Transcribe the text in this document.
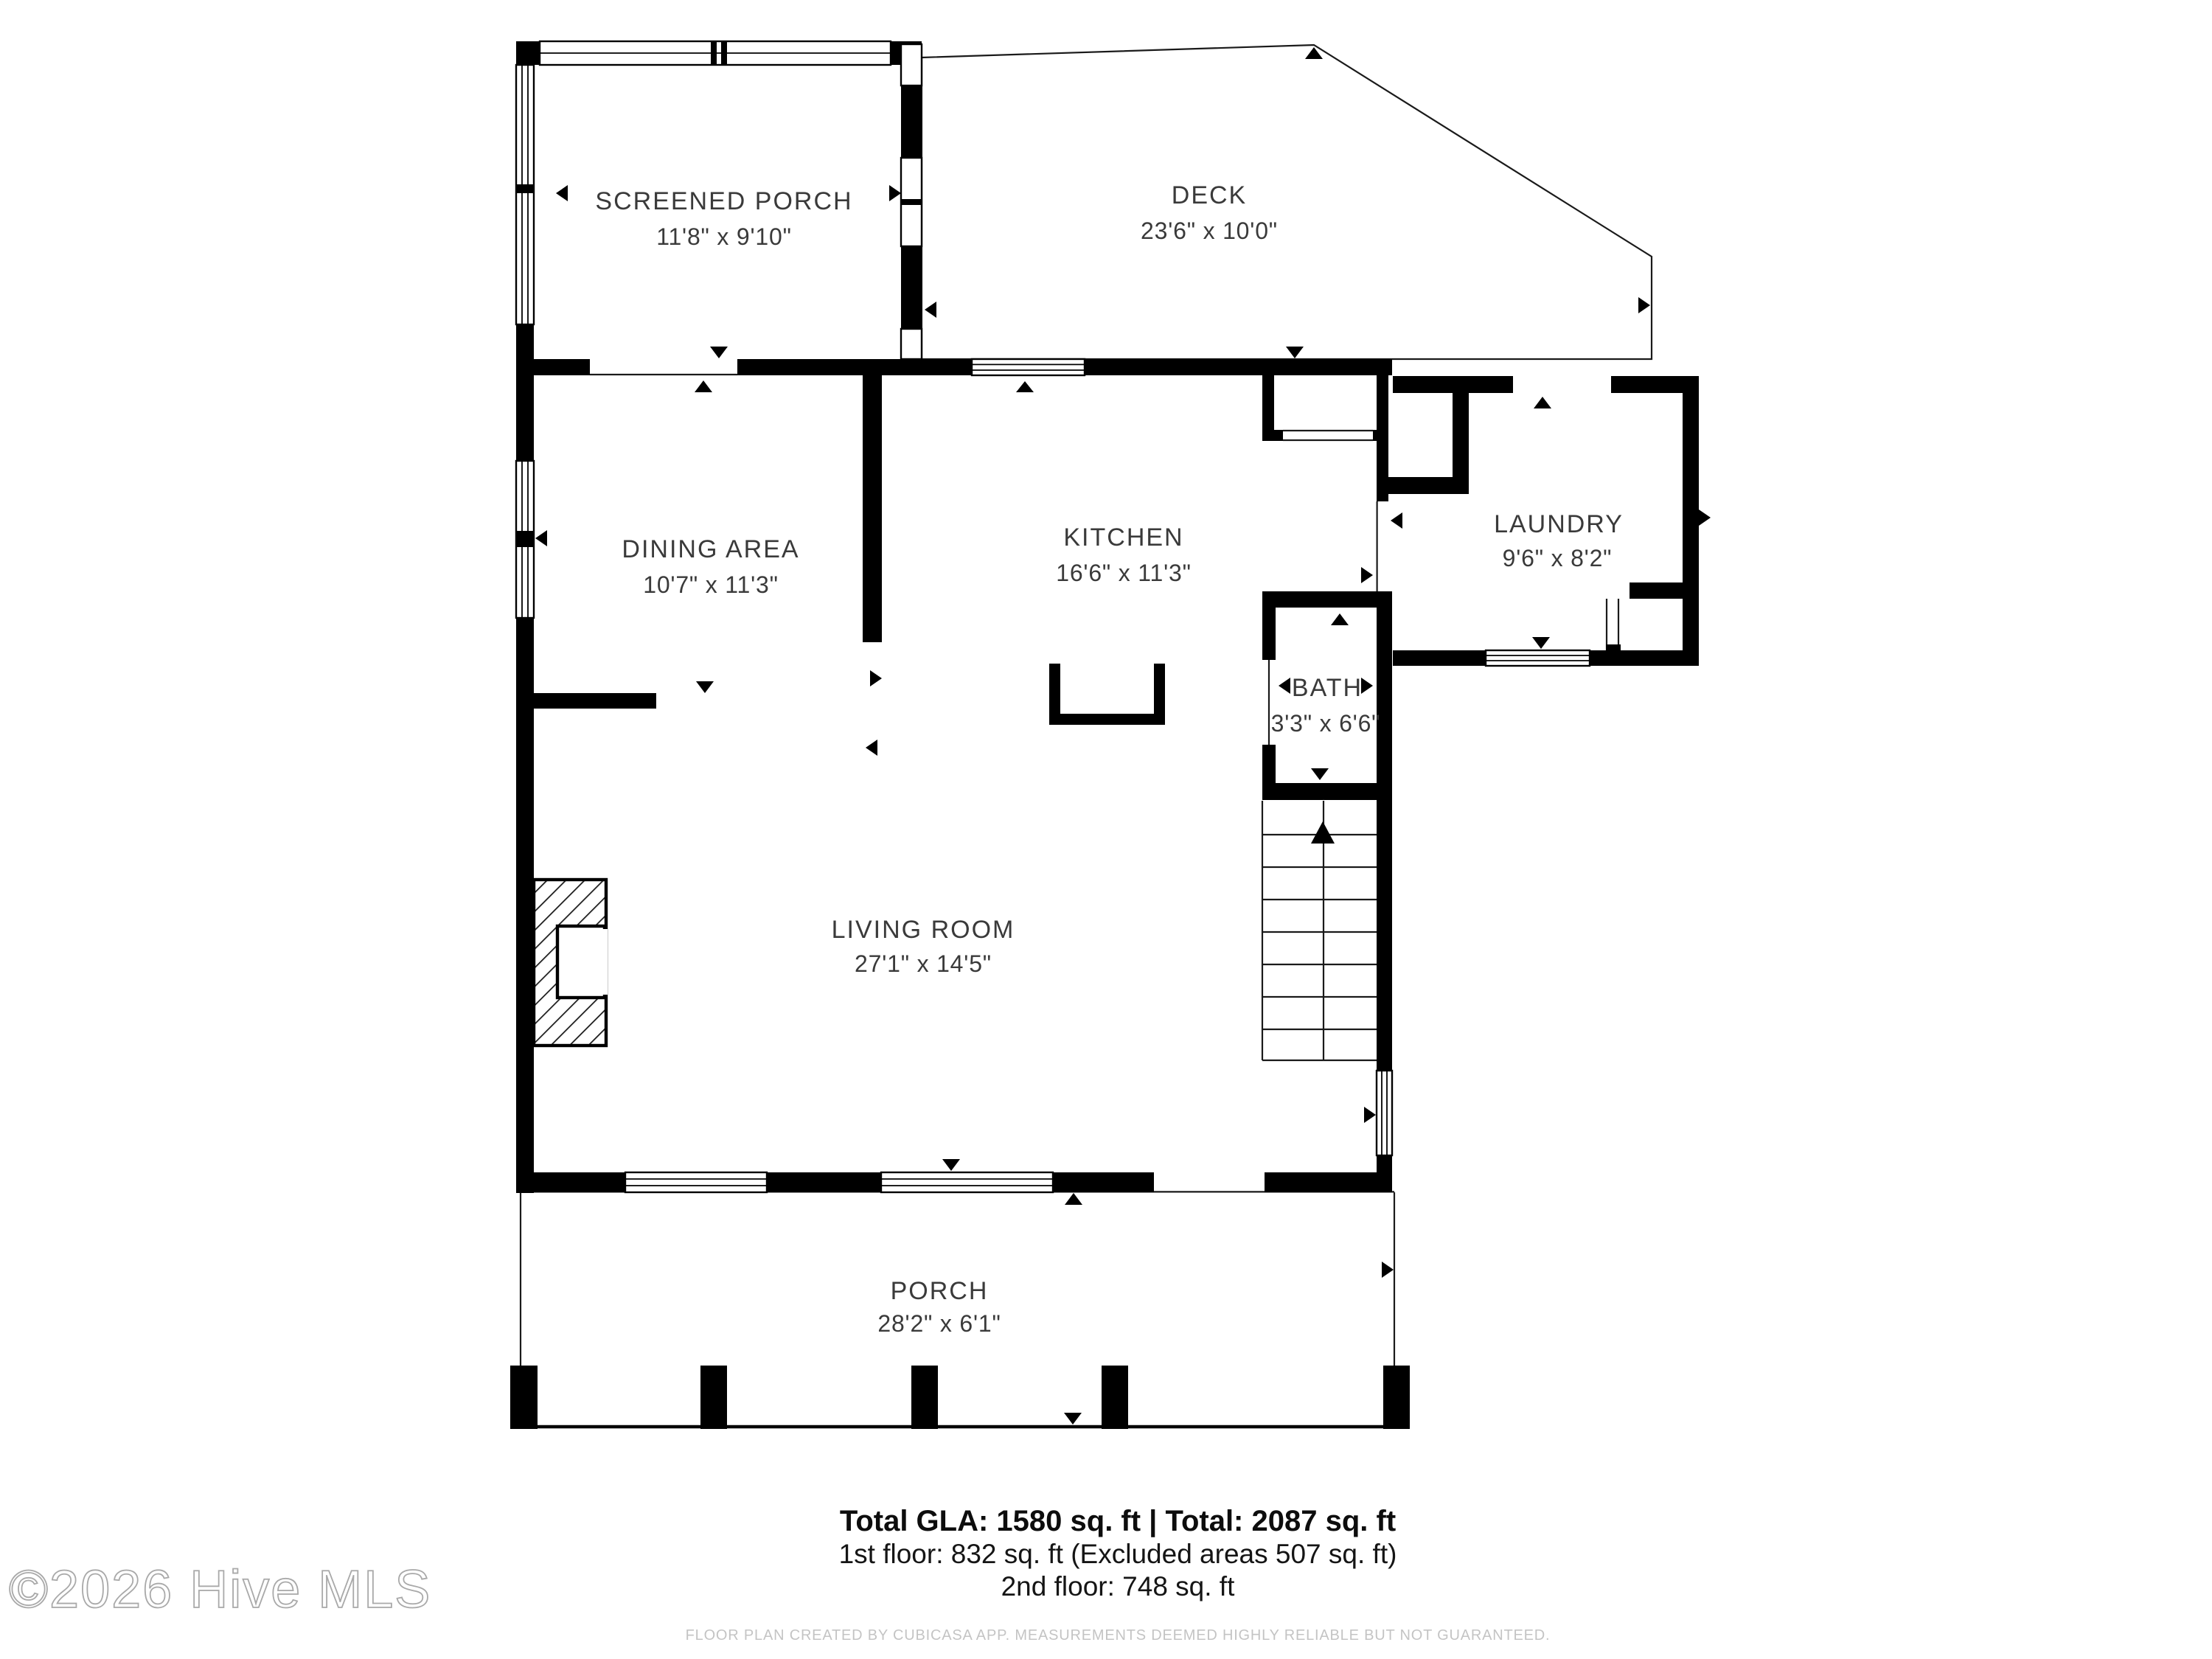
SCREENED PORCH
11'8" x 9'10"
DECK
23'6" x 10'0"
DINING AREA
10'7" x 11'3"
KITCHEN
16'6" x 11'3"
LAUNDRY
9'6" x 8'2"
BATH
3'3" x 6'6"
LIVING ROOM
27'1" x 14'5"
PORCH
28'2" x 6'1"
Total GLA: 1580 sq. ft | Total: 2087 sq. ft
1st floor: 832 sq. ft (Excluded areas 507 sq. ft)
2nd floor: 748 sq. ft
FLOOR PLAN CREATED BY CUBICASA APP. MEASUREMENTS DEEMED HIGHLY RELIABLE BUT NOT GUARANTEED.
©2026 Hive MLS
